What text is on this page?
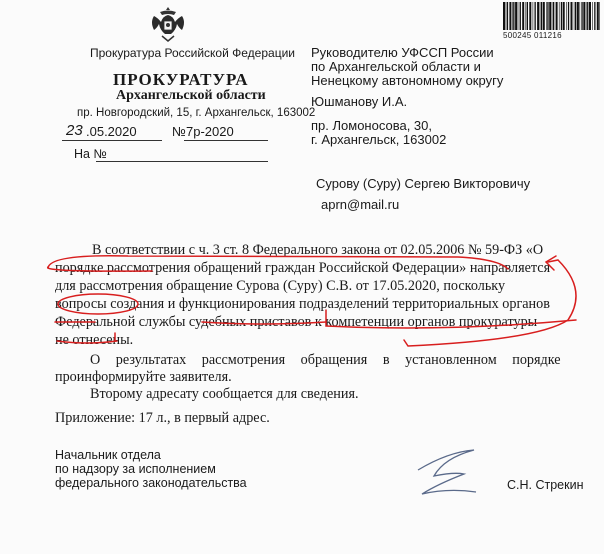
500245 011216
Прокуратура Российской Федерации
ПРОКУРАТУРА
Архангельской области
пр. Новгородский, 15, г. Архангельск, 163002
23 .05.2020	№ 7р-2020
На №
Руководителю УФССП России
по Архангельской области и
Ненецкому автономному округу
Юшманову И.А.
пр. Ломоносова, 30,
г. Архангельск, 163002
Сурову (Суру) Сергею Викторовичу
aprn@mail.ru
В соответствии с ч. 3 ст. 8 Федерального закона от 02.05.2006 № 59-ФЗ «О
порядке рассмотрения обращений граждан Российской Федерации» направляется
для рассмотрения обращение Сурова (Суру) С.В. от 17.05.2020, поскольку
вопросы создания и функционирования подразделений территориальных органов
Федеральной службы судебных приставов к компетенции органов прокуратуры
не отнесены.
О результатах рассмотрения обращения в установленном порядке
проинформируйте заявителя.
Второму адресату сообщается для сведения.
Приложение: 17 л., в первый адрес.
Начальник отдела
по надзору за исполнением
федерального законодательства	С.Н. Стрекин
